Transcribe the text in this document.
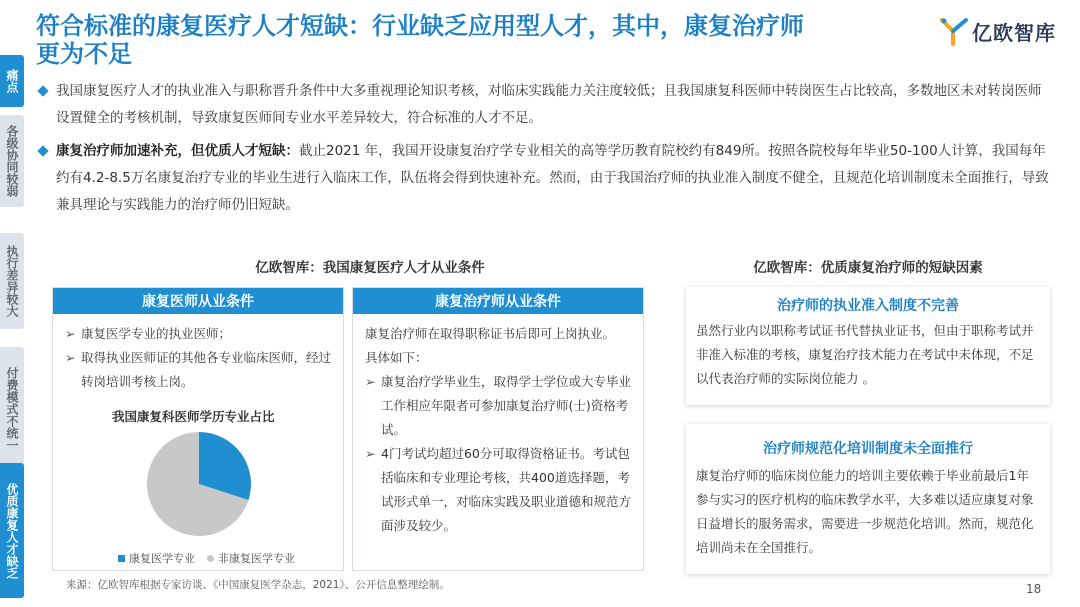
痛点
各级协同较弱
执行差异较大
付费模式不统一
优质康复人才缺乏
符合标准的康复医疗人才短缺：行业缺乏应用型人才，其中，康复治疗师
更为不足
亿欧智库
我国康复医疗人才的执业准入与职称晋升条件中大多重视理论知识考核，对临床实践能力关注度较低；且我国康复科医师中转岗医生占比较高，多数地区未对转岗医师设置健全的考核机制，导致康复医师间专业水平差异较大，符合标准的人才不足。
康复治疗师加速补充，但优质人才短缺：截止2021 年，我国开设康复治疗学专业相关的高等学历教育院校约有849所。按照各院校每年毕业50-100人计算，我国每年约有4.2-8.5万名康复治疗专业的毕业生进行入临床工作，队伍将会得到快速补充。然而，由于我国治疗师的执业准入制度不健全，且规范化培训制度未全面推行，导致兼具理论与实践能力的治疗师仍旧短缺。
亿欧智库：我国康复医疗人才从业条件	亿欧智库：优质康复治疗师的短缺因素
康复医师从业条件
➢ 康复医学专业的执业医师；
➢ 取得执业医师证的其他各专业临床医师，经过转岗培训考核上岗。
我国康复科医师学历专业占比
康复医学专业 非康复医学专业
康复治疗师从业条件
康复治疗师在取得职称证书后即可上岗执业。
具体如下：
➢ 康复治疗学毕业生，取得学士学位或大专毕业工作相应年限者可参加康复治疗师(士)资格考试。
➢ 4门考试均超过60分可取得资格证书。考试包括临床和专业理论考核，共400道选择题，考试形式单一，对临床实践及职业道德和规范方面涉及较少。
治疗师的执业准入制度不完善
虽然行业内以职称考试证书代替执业证书，但由于职称考试并非准入标准的考核，康复治疗技术能力在考试中未体现，不足以代表治疗师的实际岗位能力 。
治疗师规范化培训制度未全面推行
康复治疗师的临床岗位能力的培训主要依赖于毕业前最后1年参与实习的医疗机构的临床教学水平，大多难以适应康复对象日益增长的服务需求，需要进一步规范化培训。然而，规范化培训尚未在全国推行。
来源：亿欧智库根据专家访谈、《中国康复医学杂志，2021》、公开信息整理绘制。	18
